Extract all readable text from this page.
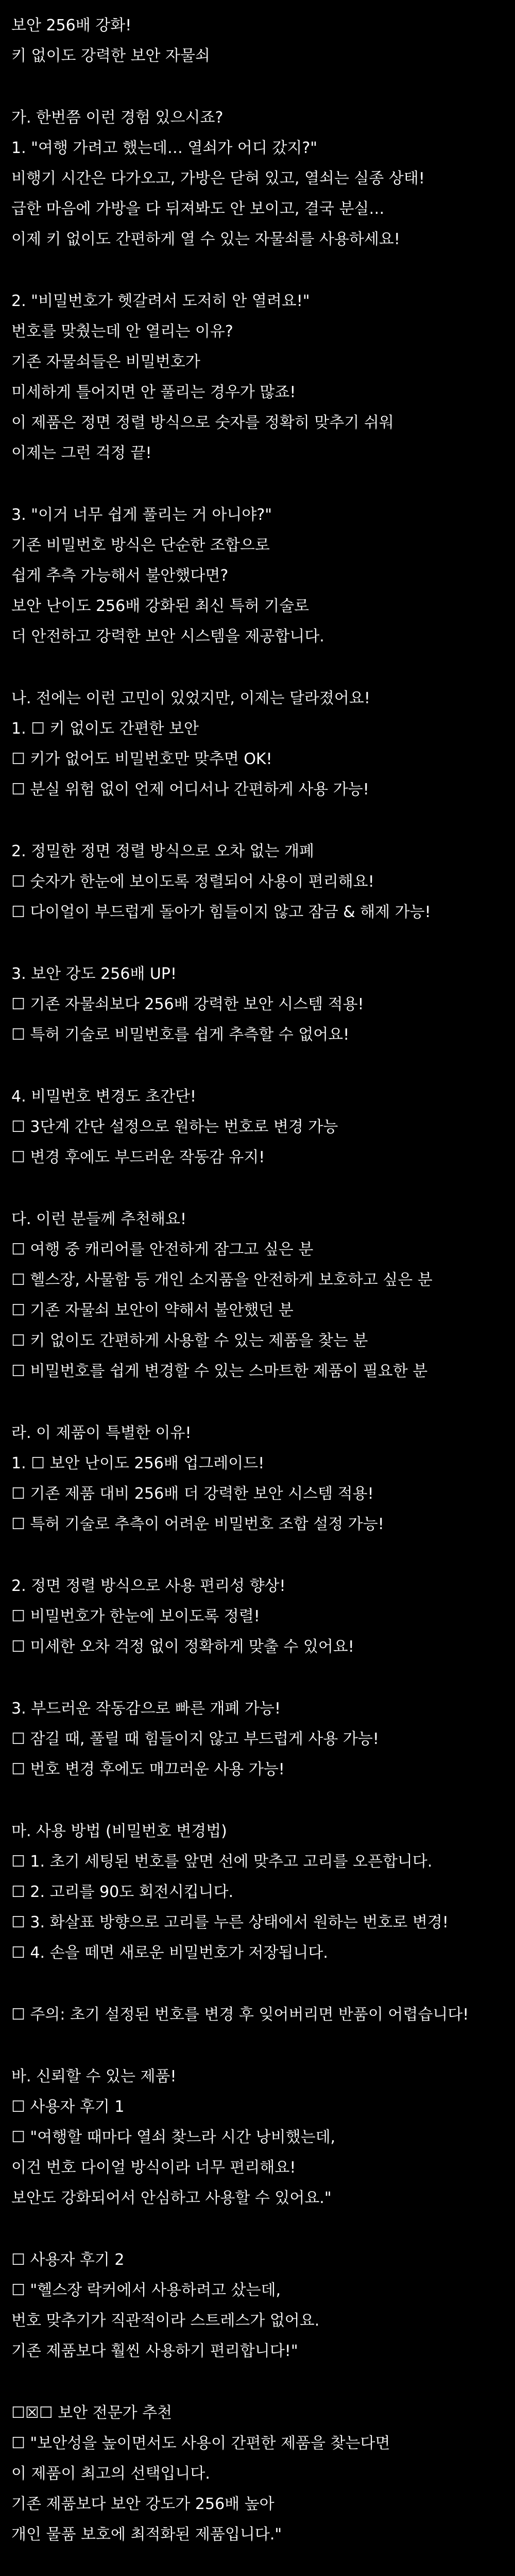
보안 256배 강화!
키 없이도 강력한 보안 자물쇠
가. 한번쯤 이런 경험 있으시죠?
1. "여행 가려고 했는데… 열쇠가 어디 갔지?"
비행기 시간은 다가오고, 가방은 닫혀 있고, 열쇠는 실종 상태!
급한 마음에 가방을 다 뒤져봐도 안 보이고, 결국 분실…
이제 키 없이도 간편하게 열 수 있는 자물쇠를 사용하세요!
2. "비밀번호가 헷갈려서 도저히 안 열려요!"
번호를 맞췄는데 안 열리는 이유?
기존 자물쇠들은 비밀번호가
미세하게 틀어지면 안 풀리는 경우가 많죠!
이 제품은 정면 정렬 방식으로 숫자를 정확히 맞추기 쉬워
이제는 그런 걱정 끝!
3. "이거 너무 쉽게 풀리는 거 아니야?"
기존 비밀번호 방식은 단순한 조합으로
쉽게 추측 가능해서 불안했다면?
보안 난이도 256배 강화된 최신 특허 기술로
더 안전하고 강력한 보안 시스템을 제공합니다.
나. 전에는 이런 고민이 있었지만, 이제는 달라졌어요!
1. ☐ 키 없이도 간편한 보안
☐ 키가 없어도 비밀번호만 맞추면 OK!
☐ 분실 위험 없이 언제 어디서나 간편하게 사용 가능!
2. 정밀한 정면 정렬 방식으로 오차 없는 개폐
☐ 숫자가 한눈에 보이도록 정렬되어 사용이 편리해요!
☐ 다이얼이 부드럽게 돌아가 힘들이지 않고 잠금 & 해제 가능!
3. 보안 강도 256배 UP!
☐ 기존 자물쇠보다 256배 강력한 보안 시스템 적용!
☐ 특허 기술로 비밀번호를 쉽게 추측할 수 없어요!
4. 비밀번호 변경도 초간단!
☐ 3단계 간단 설정으로 원하는 번호로 변경 가능
☐ 변경 후에도 부드러운 작동감 유지!
다. 이런 분들께 추천해요!
☐ 여행 중 캐리어를 안전하게 잠그고 싶은 분
☐ 헬스장, 사물함 등 개인 소지품을 안전하게 보호하고 싶은 분
☐ 기존 자물쇠 보안이 약해서 불안했던 분
☐ 키 없이도 간편하게 사용할 수 있는 제품을 찾는 분
☐ 비밀번호를 쉽게 변경할 수 있는 스마트한 제품이 필요한 분
라. 이 제품이 특별한 이유!
1. ☐ 보안 난이도 256배 업그레이드!
☐ 기존 제품 대비 256배 더 강력한 보안 시스템 적용!
☐ 특허 기술로 추측이 어려운 비밀번호 조합 설정 가능!
2. 정면 정렬 방식으로 사용 편리성 향상!
☐ 비밀번호가 한눈에 보이도록 정렬!
☐ 미세한 오차 걱정 없이 정확하게 맞출 수 있어요!
3. 부드러운 작동감으로 빠른 개폐 가능!
☐ 잠길 때, 풀릴 때 힘들이지 않고 부드럽게 사용 가능!
☐ 번호 변경 후에도 매끄러운 사용 가능!
마. 사용 방법 (비밀번호 변경법)
☐ 1. 초기 세팅된 번호를 앞면 선에 맞추고 고리를 오픈합니다.
☐ 2. 고리를 90도 회전시킵니다.
☐ 3. 화살표 방향으로 고리를 누른 상태에서 원하는 번호로 변경!
☐ 4. 손을 떼면 새로운 비밀번호가 저장됩니다.
☐ 주의: 초기 설정된 번호를 변경 후 잊어버리면 반품이 어렵습니다!
바. 신뢰할 수 있는 제품!
☐ 사용자 후기 1
☐ "여행할 때마다 열쇠 찾느라 시간 낭비했는데,
이건 번호 다이얼 방식이라 너무 편리해요!
보안도 강화되어서 안심하고 사용할 수 있어요."
☐ 사용자 후기 2
☐ "헬스장 락커에서 사용하려고 샀는데,
번호 맞추기가 직관적이라 스트레스가 없어요.
기존 제품보다 훨씬 사용하기 편리합니다!"
☐☒☐ 보안 전문가 추천
☐ "보안성을 높이면서도 사용이 간편한 제품을 찾는다면
이 제품이 최고의 선택입니다.
기존 제품보다 보안 강도가 256배 높아
개인 물품 보호에 최적화된 제품입니다."
